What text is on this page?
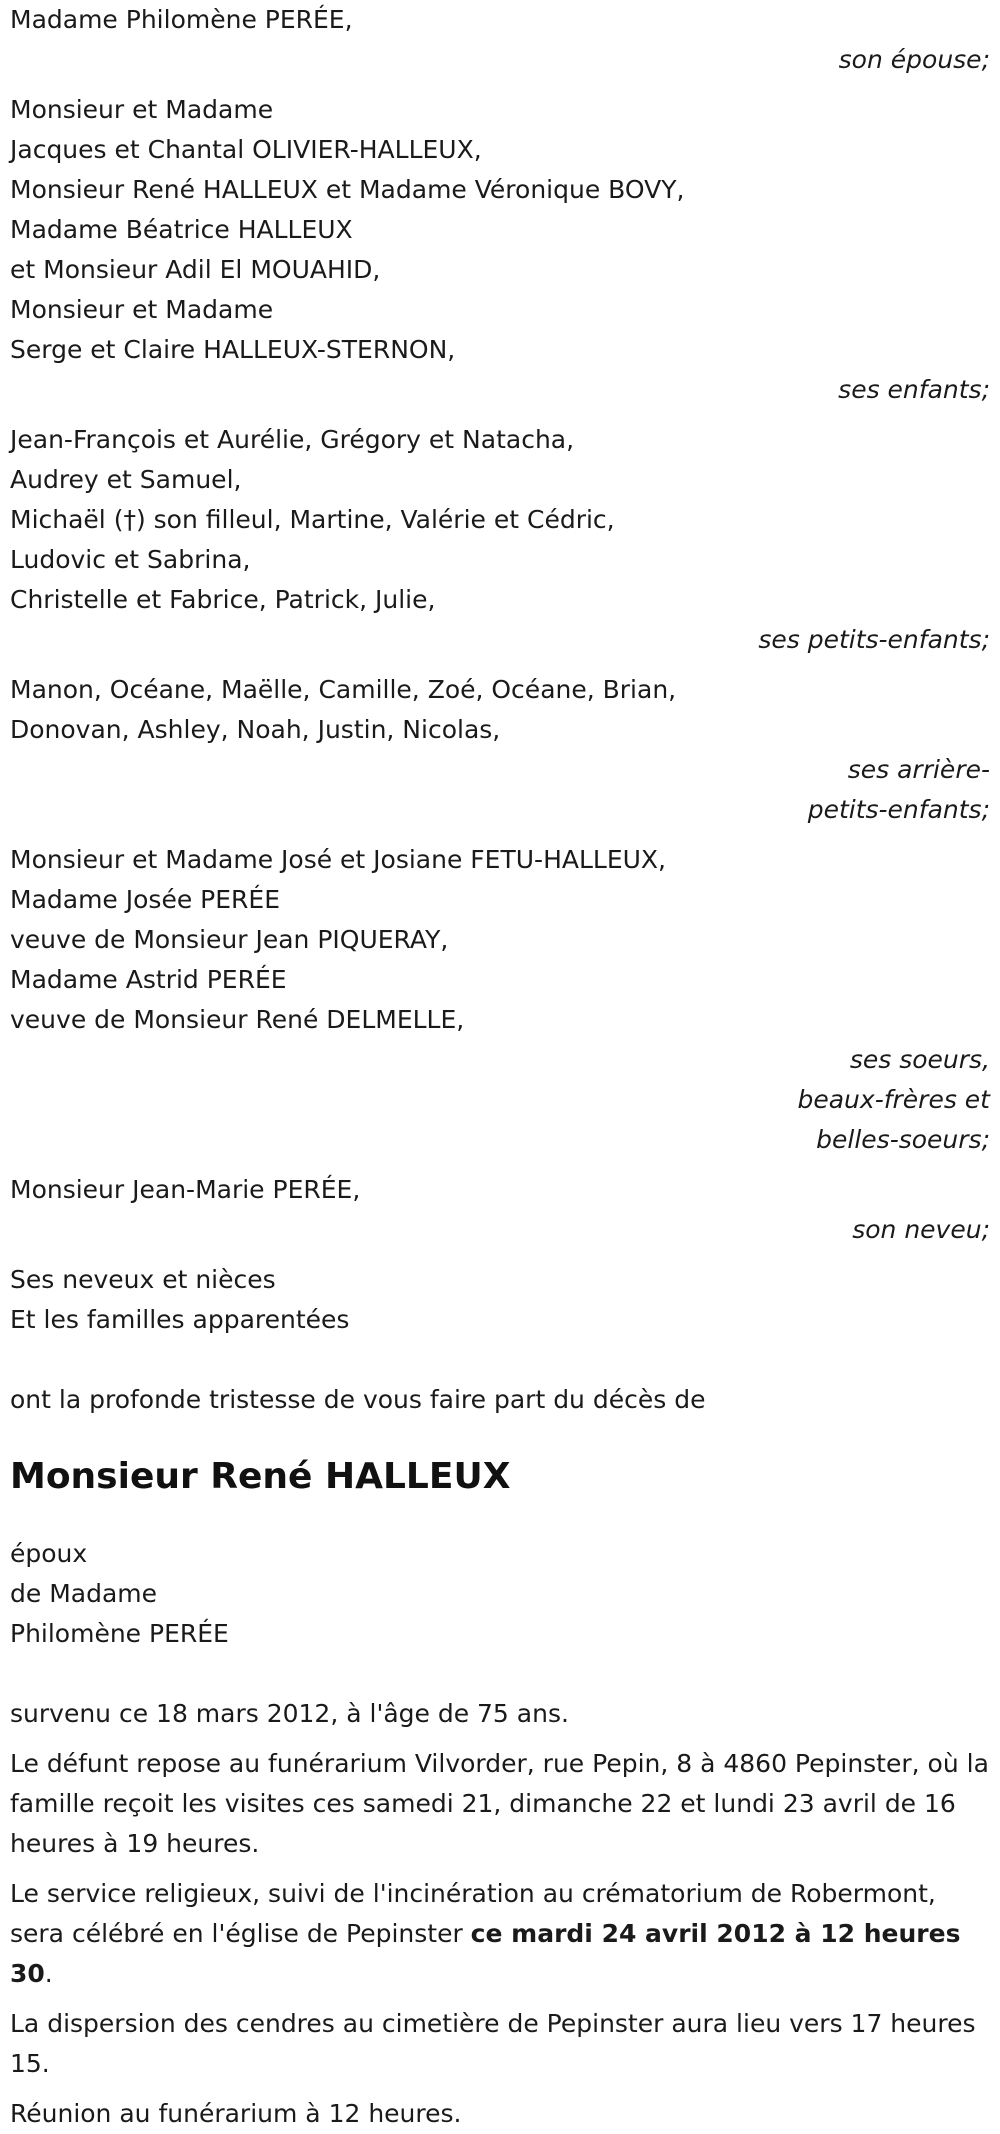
Madame Philomène PERÉE,
son épouse;
Monsieur et Madame
Jacques et Chantal OLIVIER-HALLEUX,
Monsieur René HALLEUX et Madame Véronique BOVY,
Madame Béatrice HALLEUX
et Monsieur Adil El MOUAHID,
Monsieur et Madame
Serge et Claire HALLEUX-STERNON,
ses enfants;
Jean-François et Aurélie, Grégory et Natacha,
Audrey et Samuel,
Michaël (†) son filleul, Martine, Valérie et Cédric,
Ludovic et Sabrina,
Christelle et Fabrice, Patrick, Julie,
ses petits-enfants;
Manon, Océane, Maëlle, Camille, Zoé, Océane, Brian,
Donovan, Ashley, Noah, Justin, Nicolas,
ses arrière-petits-enfants;
Monsieur et Madame José et Josiane FETU-HALLEUX,
Madame Josée PERÉE
veuve de Monsieur Jean PIQUERAY,
Madame Astrid PERÉE
veuve de Monsieur René DELMELLE,
ses soeurs, beaux-frères et belles-soeurs;
Monsieur Jean-Marie PERÉE,
son neveu;
Ses neveux et nièces
Et les familles apparentées
ont la profonde tristesse de vous faire part du décès de
Monsieur René HALLEUX
époux
de Madame
Philomène PERÉE
survenu ce 18 mars 2012, à l'âge de 75 ans.
Le défunt repose au funérarium Vilvorder, rue Pepin, 8 à 4860 Pepinster, où la famille reçoit les visites ces samedi 21, dimanche 22 et lundi 23 avril de 16 heures à 19 heures.
Le service religieux, suivi de l'incinération au crématorium de Robermont, sera célébré en l'église de Pepinster ce mardi 24 avril 2012 à 12 heures 30.
La dispersion des cendres au cimetière de Pepinster aura lieu vers 17 heures 15.
Réunion au funérarium à 12 heures.
